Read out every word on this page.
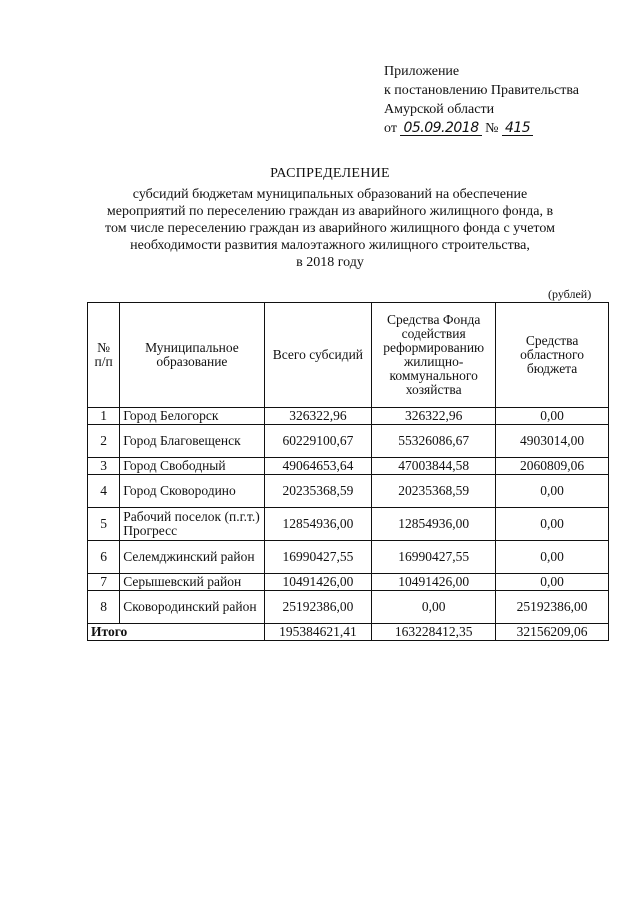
Приложение
к постановлению Правительства
Амурской области
от 05.09.2018 № 415
РАСПРЕДЕЛЕНИЕ
субсидий бюджетам муниципальных образований на обеспечение
мероприятий по переселению граждан из аварийного жилищного фонда, в
том числе переселению граждан из аварийного жилищного фонда с учетом
необходимости развития малоэтажного жилищного строительства,
в 2018 году
(рублей)
№ п/п	Муниципальное образование	Всего субсидий	Средства Фонда содействия реформированию жилищно-коммунального хозяйства	Средства областного бюджета
1	Город Белогорск	326322,96	326322,96	0,00
2	Город Благовещенск	60229100,67	55326086,67	4903014,00
3	Город Свободный	49064653,64	47003844,58	2060809,06
4	Город Сковородино	20235368,59	20235368,59	0,00
5	Рабочий поселок (п.г.т.) Прогресс	12854936,00	12854936,00	0,00
6	Селемджинский район	16990427,55	16990427,55	0,00
7	Серышевский район	10491426,00	10491426,00	0,00
8	Сковородинский район	25192386,00	0,00	25192386,00
Итого		195384621,41	163228412,35	32156209,06
